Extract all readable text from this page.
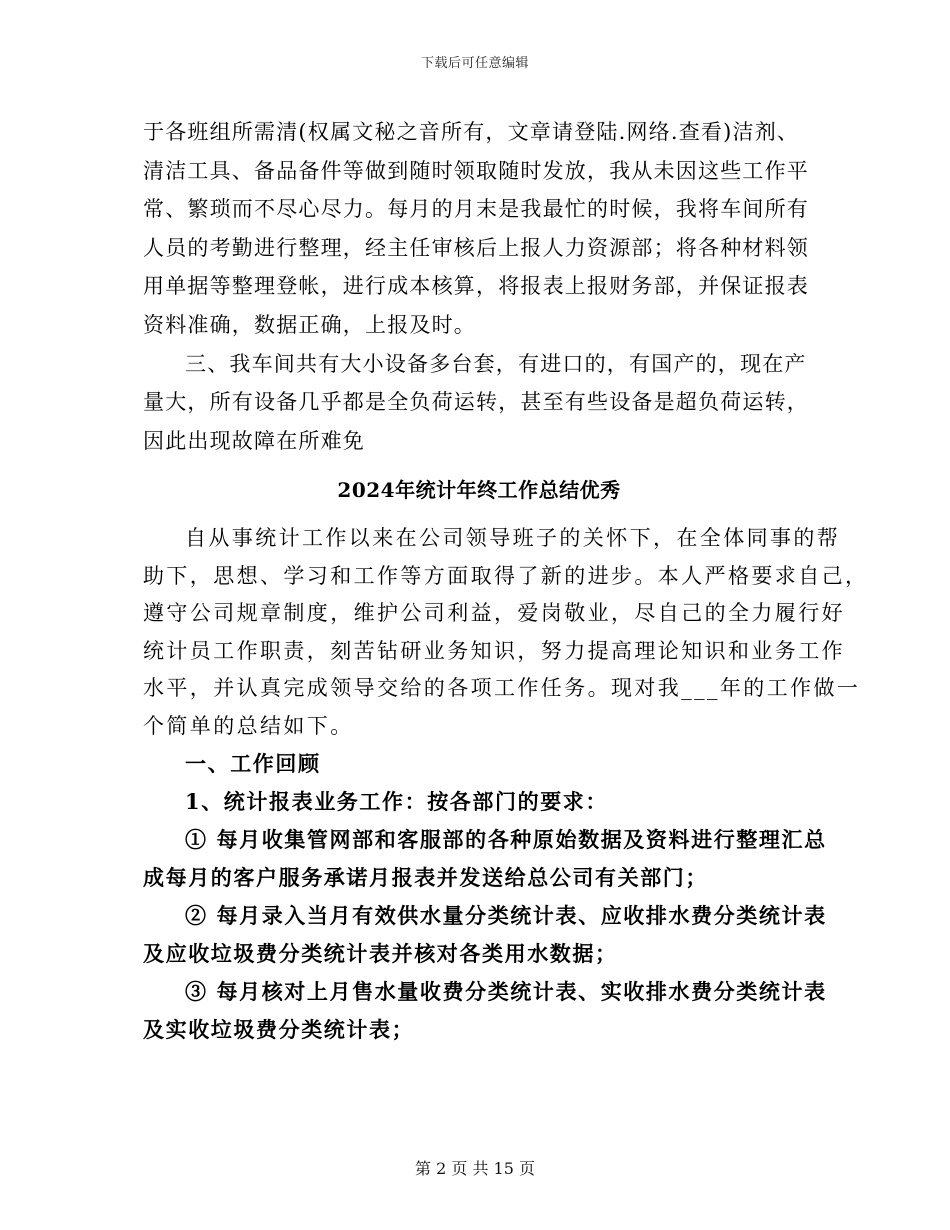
下载后可任意编辑
于各班组所需清(权属文秘之音所有，文章请登陆.网络.查看)洁剂、
清洁工具、备品备件等做到随时领取随时发放，我从未因这些工作平
常、繁琐而不尽心尽力。每月的月末是我最忙的时候，我将车间所有
人员的考勤进行整理，经主任审核后上报人力资源部；将各种材料领
用单据等整理登帐，进行成本核算，将报表上报财务部，并保证报表
资料准确，数据正确，上报及时。
三、我车间共有大小设备多台套，有进口的，有国产的，现在产
量大，所有设备几乎都是全负荷运转，甚至有些设备是超负荷运转，
因此出现故障在所难免
2024年统计年终工作总结优秀
自从事统计工作以来在公司领导班子的关怀下，在全体同事的帮
助下，思想、学习和工作等方面取得了新的进步。本人严格要求自己，
遵守公司规章制度，维护公司利益，爱岗敬业，尽自己的全力履行好
统计员工作职责，刻苦钻研业务知识，努力提高理论知识和业务工作
水平，并认真完成领导交给的各项工作任务。现对我___年的工作做一
个简单的总结如下。
一、工作回顾
1、统计报表业务工作：按各部门的要求：
① 每月收集管网部和客服部的各种原始数据及资料进行整理汇总
成每月的客户服务承诺月报表并发送给总公司有关部门；
② 每月录入当月有效供水量分类统计表、应收排水费分类统计表
及应收垃圾费分类统计表并核对各类用水数据；
③ 每月核对上月售水量收费分类统计表、实收排水费分类统计表
及实收垃圾费分类统计表；
第 2 页 共 15 页
